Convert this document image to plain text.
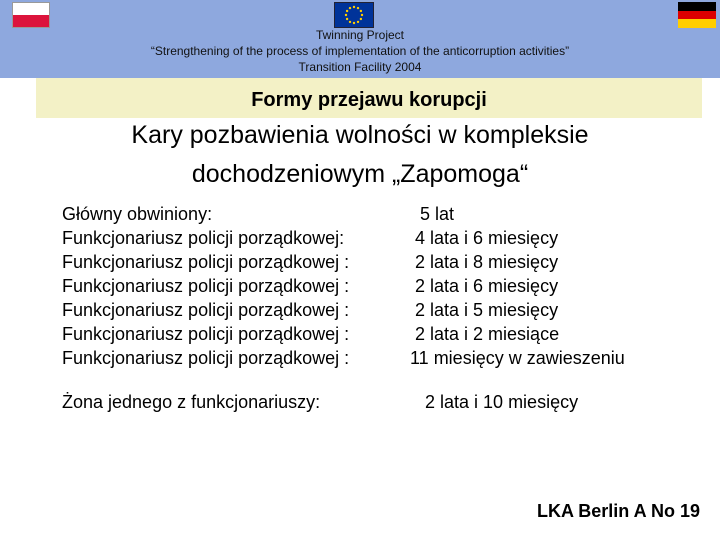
Twinning Project
“Strengthening of the process of implementation of the anticorruption activities”
Transition Facility 2004
Formy przejawu korupcji
Kary pozbawienia wolności w kompleksie
dochodzeniowym „Zapomoga“
Główny obwiniony:	5 lat
Funkcjonariusz policji porządkowej:	4 lata i 6 miesięcy
Funkcjonariusz policji porządkowej : 2 lata i 8 miesięcy
Funkcjonariusz policji porządkowej : 2 lata i 6 miesięcy
Funkcjonariusz policji porządkowej : 2 lata i 5 miesięcy
Funkcjonariusz policji porządkowej : 2 lata i 2 miesiące
Funkcjonariusz policji porządkowej : 11 miesięcy w zawieszeniu
Żona jednego z funkcjonariuszy:	2 lata i 10 miesięcy
LKA Berlin A No 19
